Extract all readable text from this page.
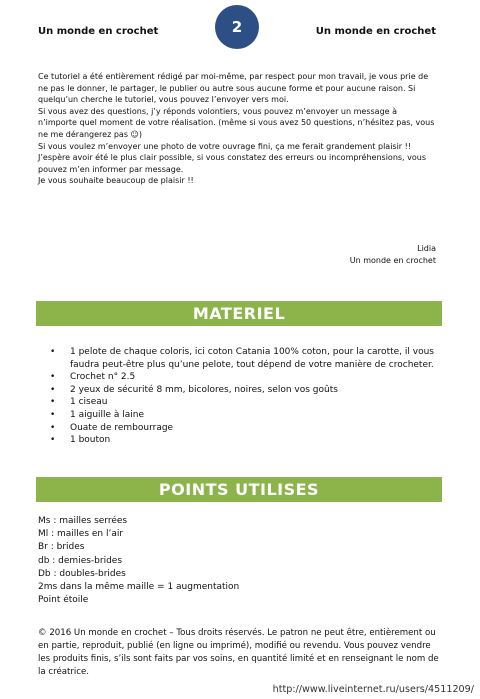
Un monde en crochet	2	Un monde en crochet

Ce tutoriel a été entièrement rédigé par moi-même, par respect pour mon travail, je vous prie de ne pas le donner, le partager, le publier ou autre sous aucune forme et pour aucune raison. Si quelqu’un cherche le tutoriel, vous pouvez l’envoyer vers moi.

Si vous avez des questions, j’y réponds volontiers, vous pouvez m’envoyer un message à n’importe quel moment de votre réalisation. (même si vous avez 50 questions, n’hésitez pas, vous ne me dérangerez pas ☺)

Si vous voulez m’envoyer une photo de votre ouvrage fini, ça me ferait grandement plaisir !!

J’espère avoir été le plus clair possible, si vous constatez des erreurs ou incompréhensions, vous pouvez m’en informer par message.

Je vous souhaite beaucoup de plaisir !!

Lidia

Un monde en crochet

MATERIEL
• 1 pelote de chaque coloris, ici coton Catania 100% coton, pour la carotte, il vous faudra peut-être plus qu’une pelote, tout dépend de votre manière de crocheter.
• Crochet n° 2.5
• 2 yeux de sécurité 8 mm, bicolores, noires, selon vos goûts
• 1 ciseau
• 1 aiguille à laine
• Ouate de rembourrage
• 1 bouton
POINTS UTILISES

Ms : mailles serrées

Ml : mailles en l’air

Br : brides

db : demies-brides

Db : doubles-brides

2ms dans la même maille = 1 augmentation

Point étoile

© 2016 Un monde en crochet – Tous droits réservés. Le patron ne peut être, entièrement ou en partie, reproduit, publié (en ligne ou imprimé), modifié ou revendu. Vous pouvez vendre les produits finis, s’ils sont faits par vos soins, en quantité limité et en renseignant le nom de la créatrice.
http://www.liveinternet.ru/users/4511209/
